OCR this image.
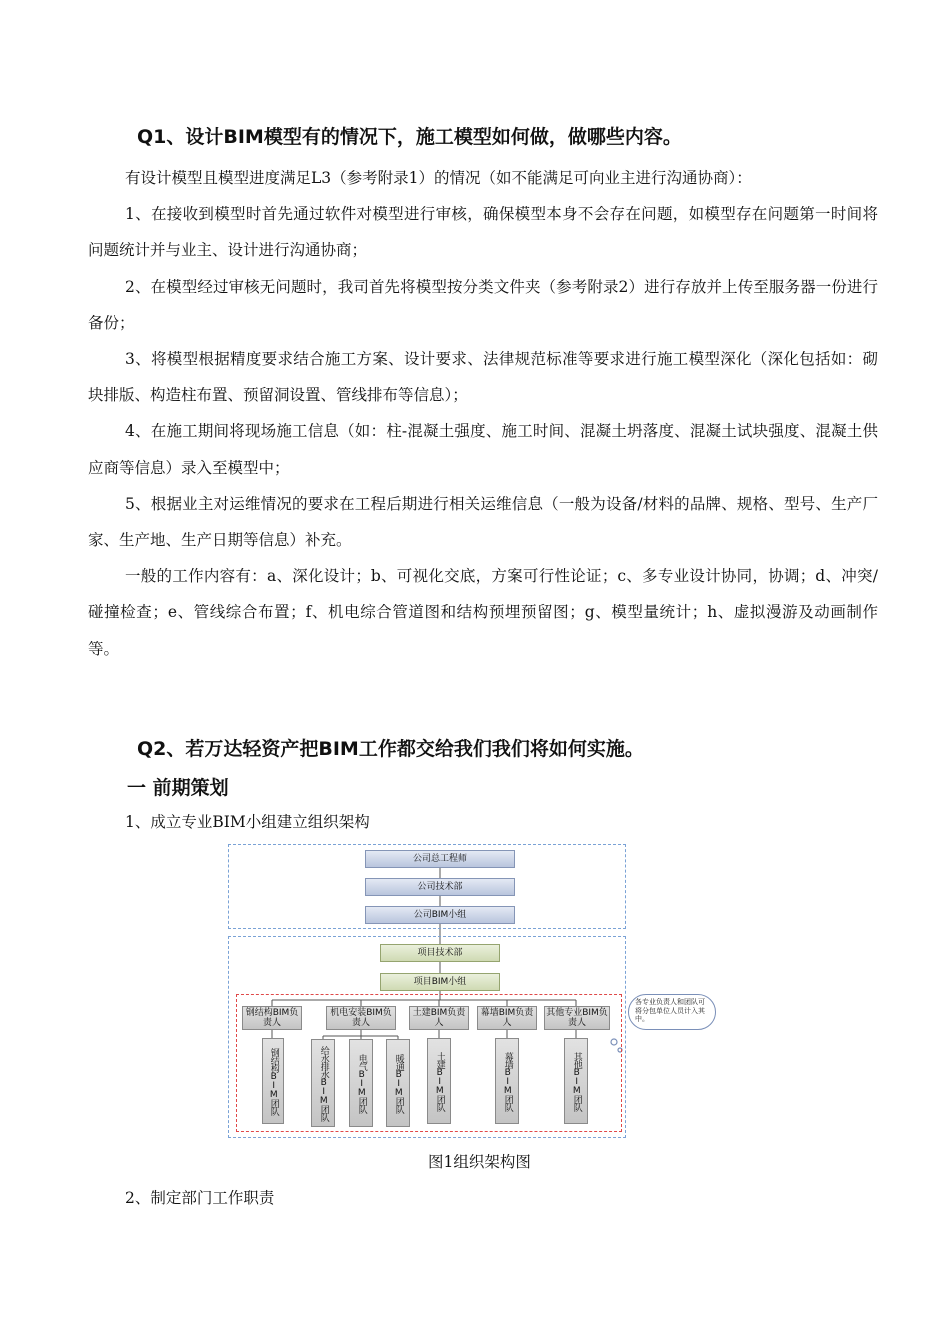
Q1、设计BIM模型有的情况下，施工模型如何做，做哪些内容。

有设计模型且模型进度满足L3（参考附录1）的情况（如不能满足可向业主进行沟通协商）：

1、在接收到模型时首先通过软件对模型进行审核，确保模型本身不会存在问题，如模型存在问题第一时间将问题统计并与业主、设计进行沟通协商；

2、在模型经过审核无问题时，我司首先将模型按分类文件夹（参考附录2）进行存放并上传至服务器一份进行备份；

3、将模型根据精度要求结合施工方案、设计要求、法律规范标准等要求进行施工模型深化（深化包括如：砌块排版、构造柱布置、预留洞设置、管线排布等信息）；

4、在施工期间将现场施工信息（如：柱-混凝土强度、施工时间、混凝土坍落度、混凝土试块强度、混凝土供应商等信息）录入至模型中；

5、根据业主对运维情况的要求在工程后期进行相关运维信息（一般为设备/材料的品牌、规格、型号、生产厂家、生产地、生产日期等信息）补充。

一般的工作内容有：a、深化设计；b、可视化交底，方案可行性论证；c、多专业设计协同，协调；d、冲突/碰撞检查；e、管线综合布置；f、机电综合管道图和结构预埋预留图；g、模型量统计；h、虚拟漫游及动画制作等。

Q2、若万达轻资产把BIM工作都交给我们我们将如何实施。
一 前期策划
1、成立专业BIM小组建立组织架构
公司总工程师
公司技术部
公司BIM小组
项目技术部
项目BIM小组
钢结构BIM负责人
机电安装BIM负责人
土建BIM负责人
幕墙BIM负责人
其他专业BIM负责人
钢结构BIM团队	给水排水BIM团队	电气BIM团队	暖通BIM团队	土建BIM团队	幕墙BIM团队	其他BIM团队
各专业负责人和团队可将分包单位人员计入其中。
图1组织架构图
2、制定部门工作职责
